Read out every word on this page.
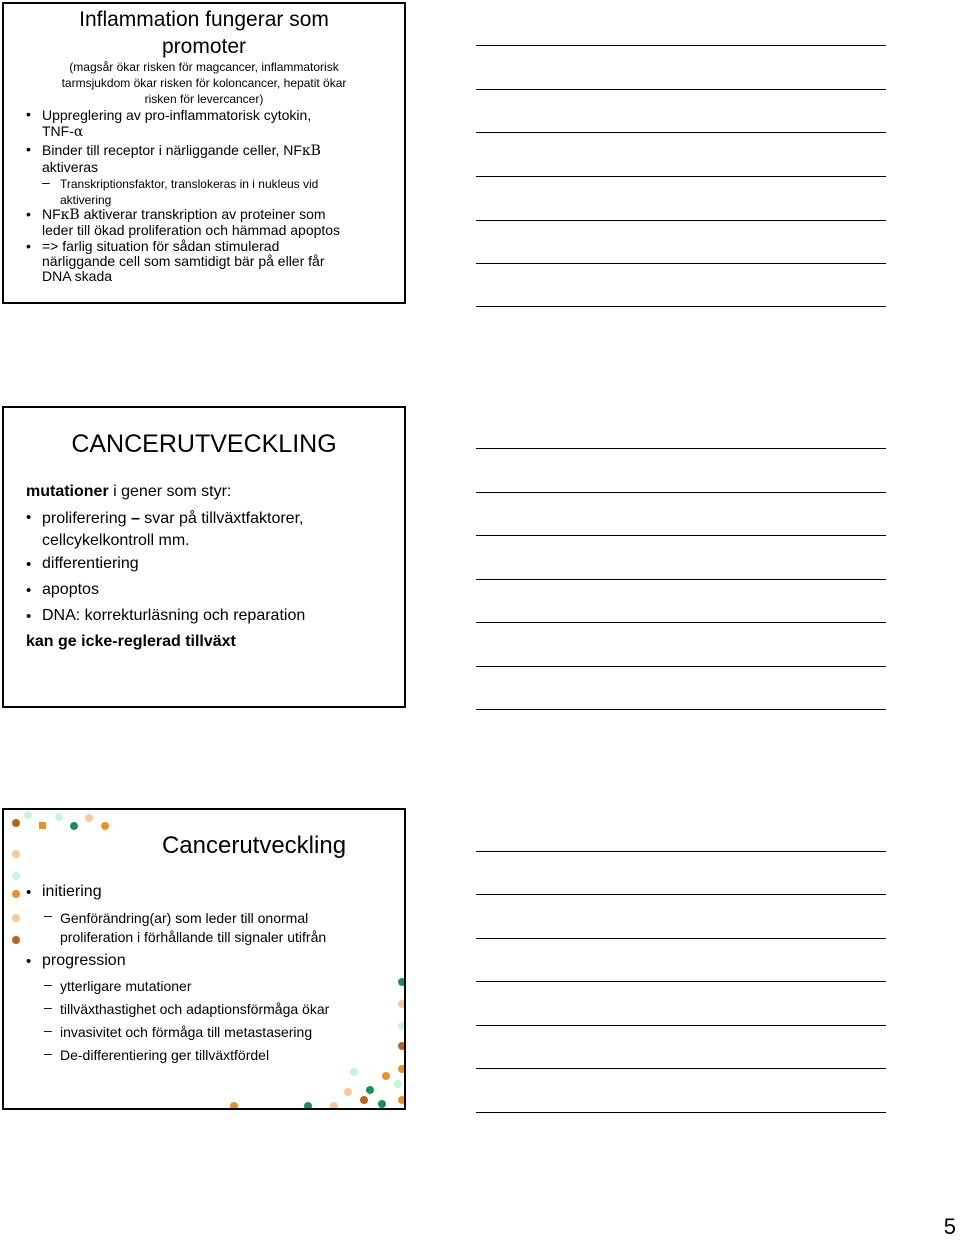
Inflammation fungerar som
promoter
(magsår ökar risken för magcancer, inflammatorisk
tarmsjukdom ökar risken för koloncancer, hepatit ökar
risken för levercancer)
• Uppreglering av pro-inflammatorisk cytokin,
TNF-α
• Binder till receptor i närliggande celler, NFκB
aktiveras
– Transkriptionsfaktor, translokeras in i nukleus vid
aktivering
• NFκB aktiverar transkription av proteiner som
leder till ökad proliferation och hämmad apoptos
• => farlig situation för sådan stimulerad
närliggande cell som samtidigt bär på eller får
DNA skada
CANCERUTVECKLING
mutationer i gener som styr:
• proliferering – svar på tillväxtfaktorer,
cellcykelkontroll mm.
• differentiering
• apoptos
• DNA: korrekturläsning och reparation
kan ge icke-reglerad tillväxt
Cancerutveckling
• initiering
– Genförändring(ar) som leder till onormal
proliferation i förhållande till signaler utifrån
• progression
– ytterligare mutationer
– tillväxthastighet och adaptionsförmåga ökar
– invasivitet och förmåga till metastasering
– De-differentiering ger tillväxtfördel
5
